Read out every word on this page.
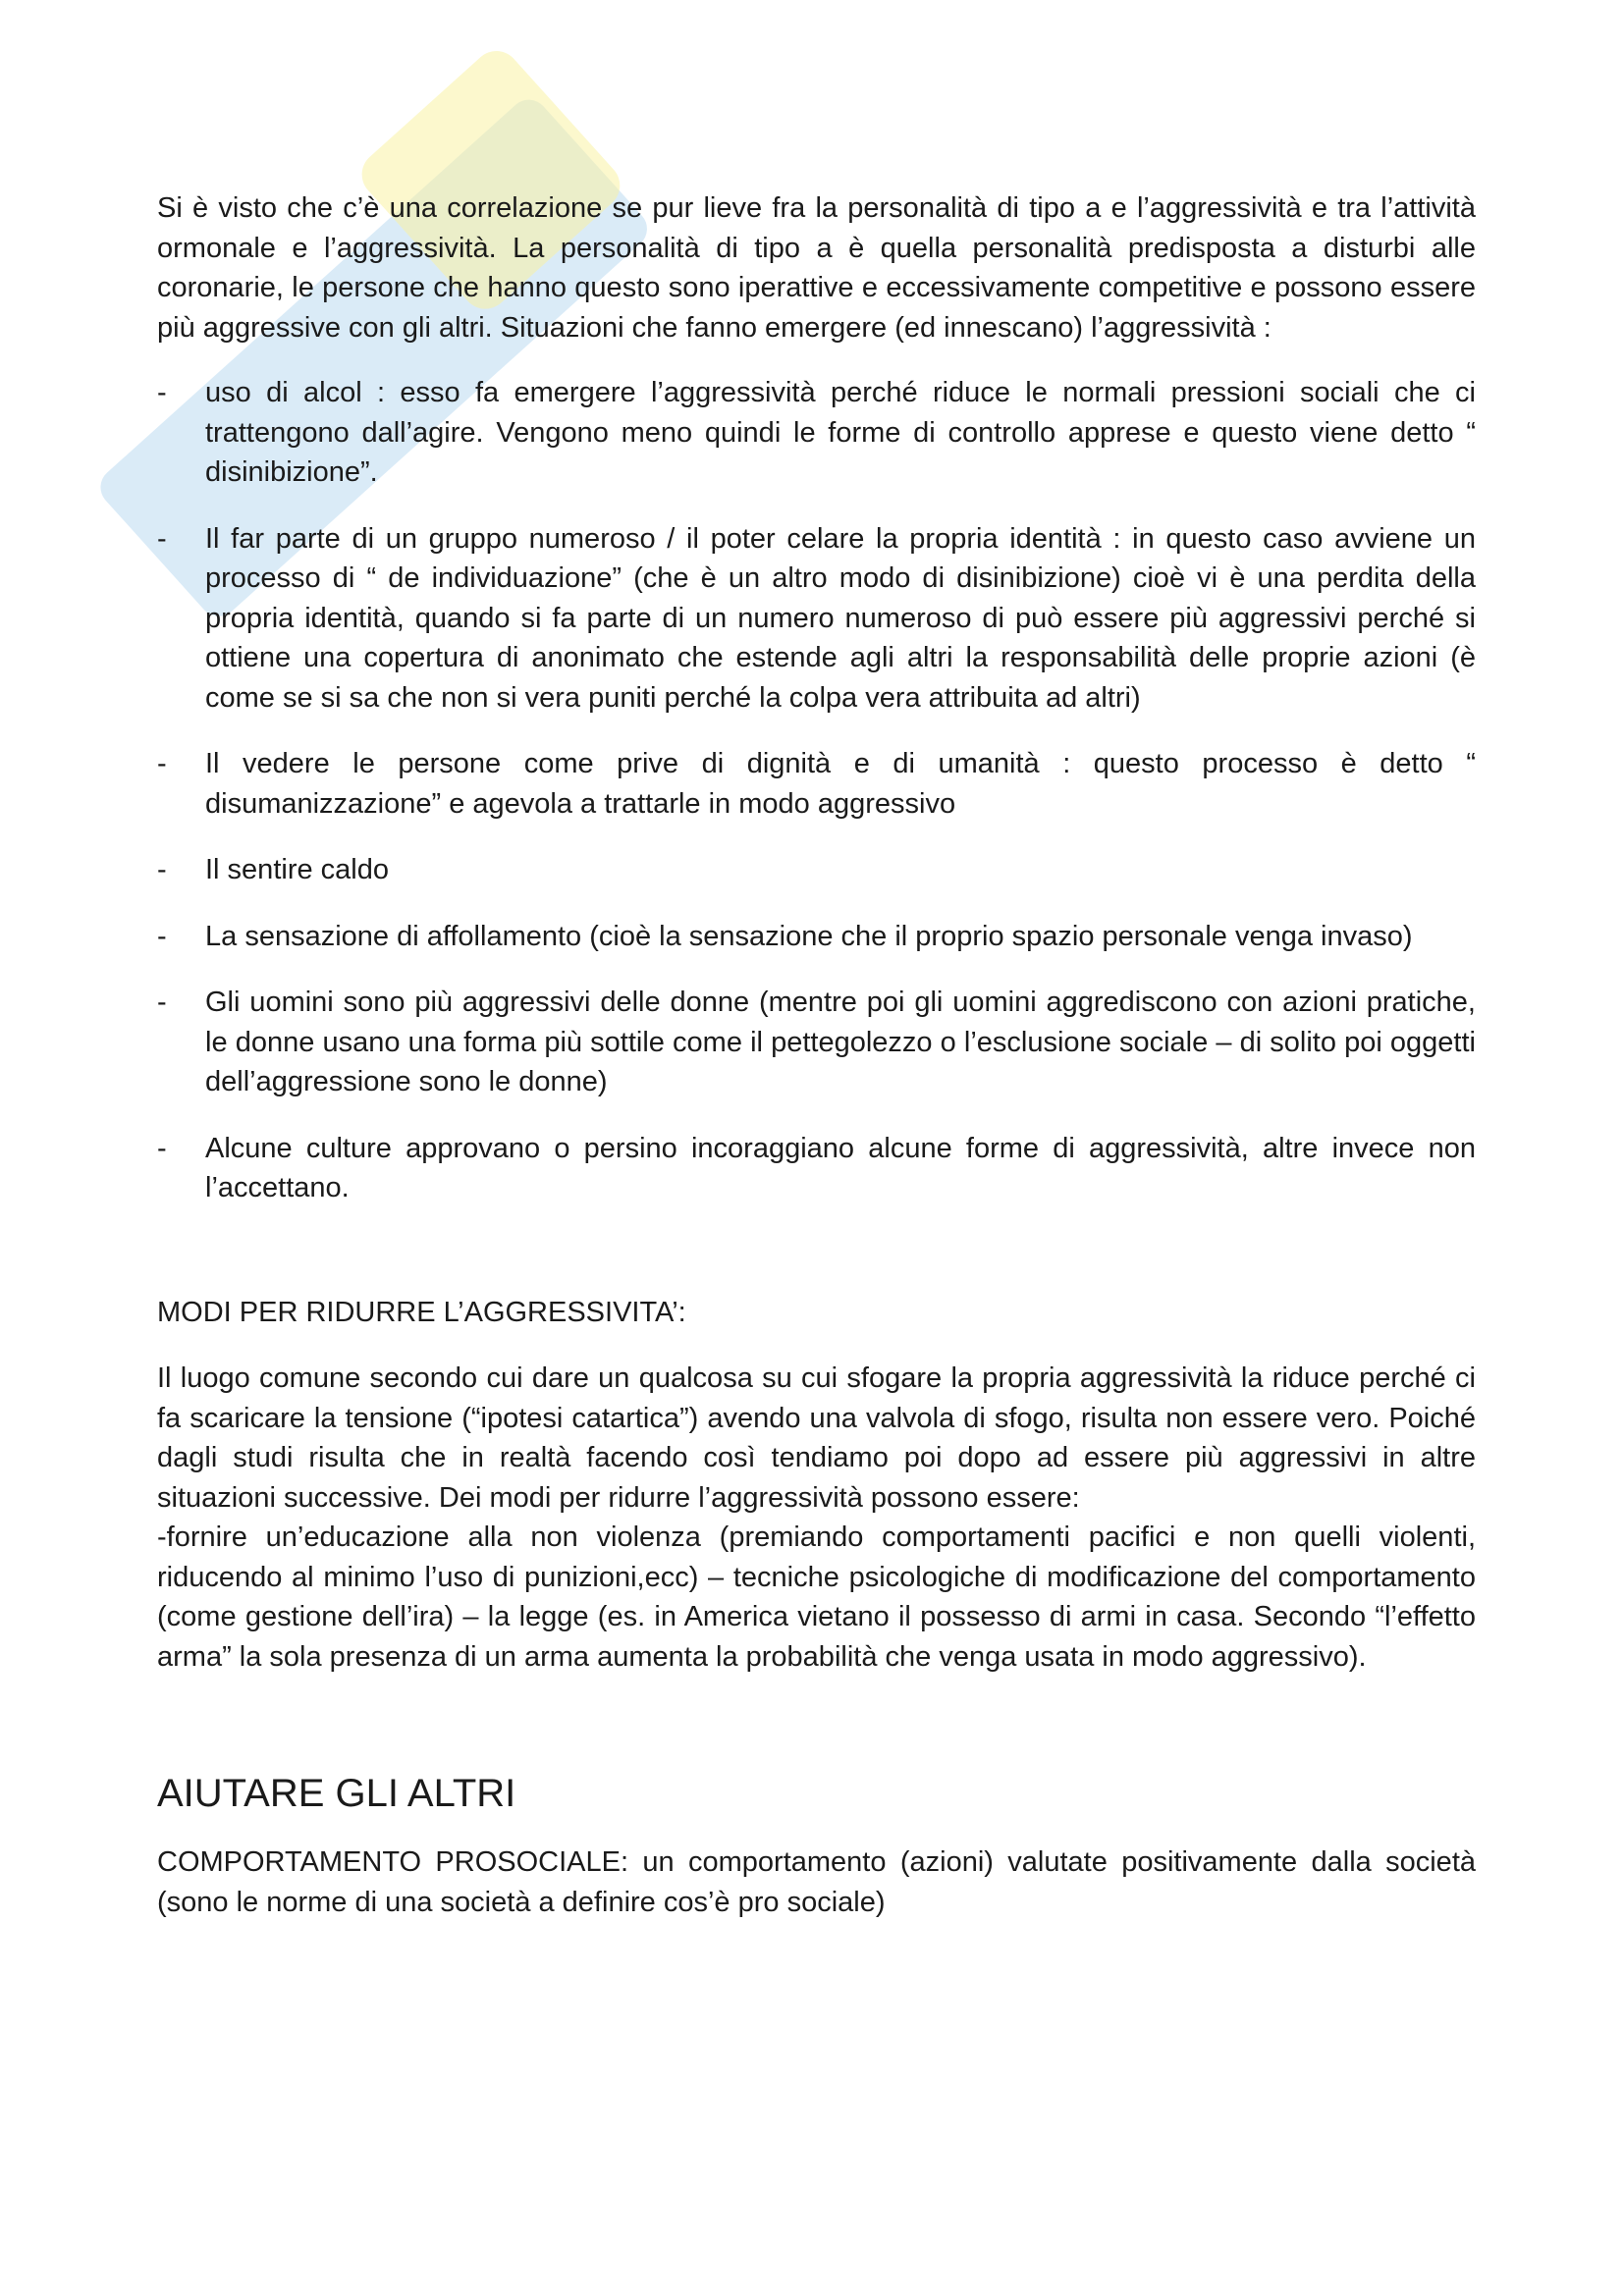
Si è visto che c’è una correlazione se pur lieve fra la personalità di tipo a e l’aggressività e tra l’attività ormonale e l’aggressività. La personalità di tipo a è quella personalità predisposta a disturbi alle coronarie, le persone che hanno questo sono iperattive e eccessivamente competitive e possono essere più aggressive con gli altri. Situazioni che fanno emergere (ed innescano) l’aggressività :

- uso di alcol : esso fa emergere l’aggressività perché riduce le normali pressioni sociali che ci trattengono dall’agire. Vengono meno quindi le forme di controllo apprese e questo viene detto “ disinibizione”.
- Il far parte di un gruppo numeroso / il poter celare la propria identità : in questo caso avviene un processo di “ de individuazione” (che è un altro modo di disinibizione) cioè vi è una perdita della propria identità, quando si fa parte di un numero numeroso di può essere più aggressivi perché si ottiene una copertura di anonimato che estende agli altri la responsabilità delle proprie azioni (è come se si sa che non si vera puniti perché la colpa vera attribuita ad altri)
- Il vedere le persone come prive di dignità e di umanità : questo processo è detto “ disumanizzazione” e agevola a trattarle in modo aggressivo
- Il sentire caldo
- La sensazione di affollamento (cioè la sensazione che il proprio spazio personale venga invaso)
- Gli uomini sono più aggressivi delle donne (mentre poi gli uomini aggrediscono con azioni pratiche, le donne usano una forma più sottile come il pettegolezzo o l’esclusione sociale – di solito poi oggetti dell’aggressione sono le donne)
- Alcune culture approvano o persino incoraggiano alcune forme di aggressività, altre invece non l’accettano.

MODI PER RIDURRE L’AGGRESSIVITA’:

Il luogo comune secondo cui dare un qualcosa su cui sfogare la propria aggressività la riduce perché ci fa scaricare la tensione (“ipotesi catartica”) avendo una valvola di sfogo, risulta non essere vero. Poiché dagli studi risulta che in realtà facendo così tendiamo poi dopo ad essere più aggressivi in altre situazioni successive. Dei modi per ridurre l’aggressività possono essere:

-fornire un’educazione alla non violenza (premiando comportamenti pacifici e non quelli violenti, riducendo al minimo l’uso di punizioni,ecc) – tecniche psicologiche di modificazione del comportamento (come gestione dell’ira) – la legge (es. in America vietano il possesso di armi in casa. Secondo “l’effetto arma” la sola presenza di un arma aumenta la probabilità che venga usata in modo aggressivo).

AIUTARE GLI ALTRI

COMPORTAMENTO PROSOCIALE: un comportamento (azioni) valutate positivamente dalla società (sono le norme di una società a definire cos’è pro sociale)
